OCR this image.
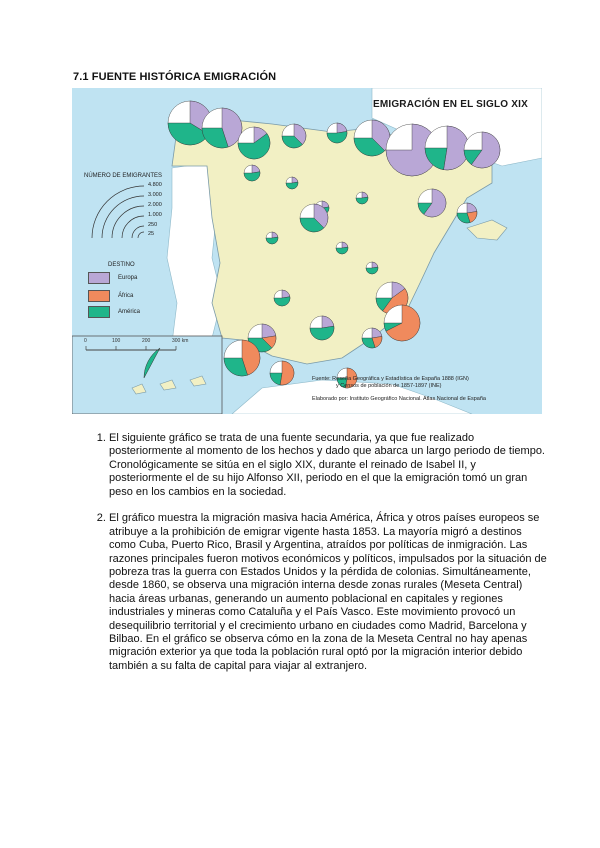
7.1 FUENTE HISTÓRICA EMIGRACIÓN
EMIGRACIÓN EN EL SIGLO XIX
NÚMERO DE EMIGRANTES
4.800
3.000
2.000
1.000
250
25
DESTINO
Europa
África
América
0	100	200	300 km

Fuente: Reseña Geográfica y Estadística de España 1888 (IGN)

y Censos de población de 1857-1897 (INE)

Elaborado por: Instituto Geográfico Nacional. Atlas Nacional de España

1. El siguiente gráfico se trata de una fuente secundaria, ya que fue realizado posteriormente al momento de los hechos y dado que abarca un largo periodo de tiempo. Cronológicamente se sitúa en el siglo XIX, durante el reinado de Isabel II, y posteriormente el de su hijo Alfonso XII, periodo en el que la emigración tomó un gran peso en los cambios en la sociedad.
2. El gráfico muestra la migración masiva hacia América, África y otros países europeos se atribuye a la prohibición de emigrar vigente hasta 1853. La mayoría migró a destinos como Cuba, Puerto Rico, Brasil y Argentina, atraídos por políticas de inmigración. Las razones principales fueron motivos económicos y políticos, impulsados por la situación de pobreza tras la guerra con Estados Unidos y la pérdida de colonias. Simultáneamente, desde 1860, se observa una migración interna desde zonas rurales (Meseta Central) hacia áreas urbanas, generando un aumento poblacional en capitales y regiones industriales y mineras como Cataluña y el País Vasco. Este movimiento provocó un desequilibrio territorial y el crecimiento urbano en ciudades como Madrid, Barcelona y Bilbao. En el gráfico se observa cómo en la zona de la Meseta Central no hay apenas migración exterior ya que toda la población rural optó por la migración interior debido también a su falta de capital para viajar al extranjero.
